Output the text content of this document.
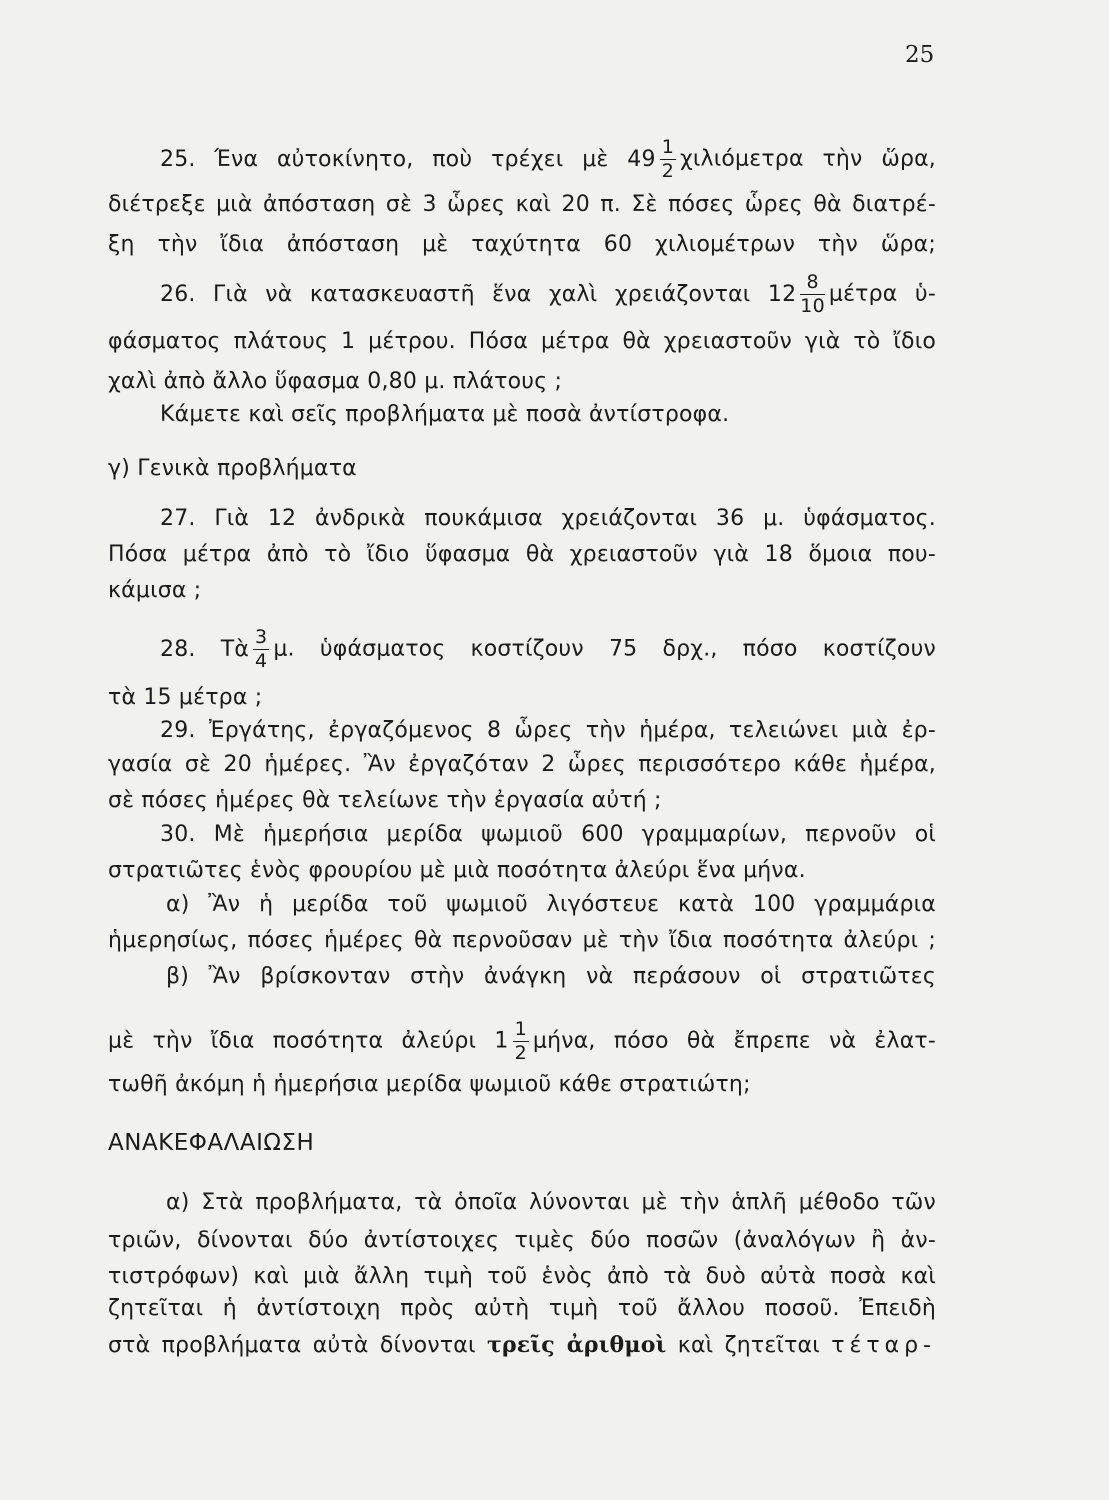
25
25. Ένα αὐτοκίνητο, ποὺ τρέχει μὲ $49 \frac{1}{2}$ χιλιόμετρα τὴν ὥρα,
διέτρεξε μιὰ ἀπόσταση σὲ 3 ὧρες καὶ 20 π. Σὲ πόσες ὧρες θὰ διατρέ-
ξη τὴν ἴδια ἀπόσταση μὲ ταχύτητα 60 χιλιομέτρων τὴν ὥρα;
26. Γιὰ νὰ κατασκευαστῆ ἕνα χαλὶ χρειάζονται $12 \frac{8}{10}$ μέτρα ὑ-
φάσματος πλάτους 1 μέτρου. Πόσα μέτρα θὰ χρειαστοῦν γιὰ τὸ ἴδιο
χαλὶ ἀπὸ ἄλλο ὕφασμα 0,80 μ. πλάτους ;
Κάμετε καὶ σεῖς προβλήματα μὲ ποσὰ ἀντίστροφα.
γ) Γενικὰ προβλήματα
27. Γιὰ 12 ἀνδρικὰ πουκάμισα χρειάζονται 36 μ. ὑφάσματος.
Πόσα μέτρα ἀπὸ τὸ ἴδιο ὕφασμα θὰ χρειαστοῦν γιὰ 18 ὅμοια που-
κάμισα ;
28. Τὰ $\frac{3}{4} \mu$. ὑφάσματος κοστίζουν 75 δρχ., πόσο κοστίζουν
τὰ 15 μέτρα ;
29. Ἐργάτης, ἐργαζόμενος 8 ὧρες τὴν ἡμέρα, τελειώνει μιὰ ἐρ-
γασία σὲ 20 ἡμέρες. Ἂν ἐργαζόταν 2 ὧρες περισσότερο κάθε ἡμέρα,
σὲ πόσες ἡμέρες θὰ τελείωνε τὴν ἐργασία αὐτή ;
30. Μὲ ἡμερήσια μερίδα ψωμιοῦ 600 γραμμαρίων, περνοῦν οἱ
στρατιῶτες ἑνὸς φρουρίου μὲ μιὰ ποσότητα ἀλεύρι ἕνα μήνα.
α) Ἂν ἡ μερίδα τοῦ ψωμιοῦ λιγόστευε κατὰ 100 γραμμάρια
ἡμερησίως, πόσες ἡμέρες θὰ περνοῦσαν μὲ τὴν ἴδια ποσότητα ἀλεύρι ;
β) Ἂν βρίσκονταν στὴν ἀνάγκη νὰ περάσουν οἱ στρατιῶτες
μὲ τὴν ἴδια ποσότητα ἀλεύρι $1 \frac{1}{2} \mu ή\nu\alpha$, πόσο θὰ ἔπρεπε νὰ ἐλατ-
τωθῆ ἀκόμη ἡ ἡμερήσια μερίδα ψωμιοῦ κάθε στρατιώτη;
ΑΝΑΚΕΦΑΛΑΙΩΣΗ
α) Στὰ προβλήματα, τὰ ὁποῖα λύνονται μὲ τὴν ἁπλῆ μέθοδο τῶν
τριῶν, δίνονται δύο ἀντίστοιχες τιμὲς δύο ποσῶν (ἀναλόγων ἢ ἀν-
τιστρόφων) καὶ μιὰ ἄλλη τιμὴ τοῦ ἑνὸς ἀπὸ τὰ δυὸ αὐτὰ ποσὰ καὶ
ζητεῖται ἡ ἀντίστοιχη πρὸς αὐτὴ τιμὴ τοῦ ἄλλου ποσοῦ. Ἐπειδὴ
στὰ προβλήματα αὐτὰ δίνονται τρεῖς ἀριθμοὶ καὶ ζητεῖται τέταρ-
